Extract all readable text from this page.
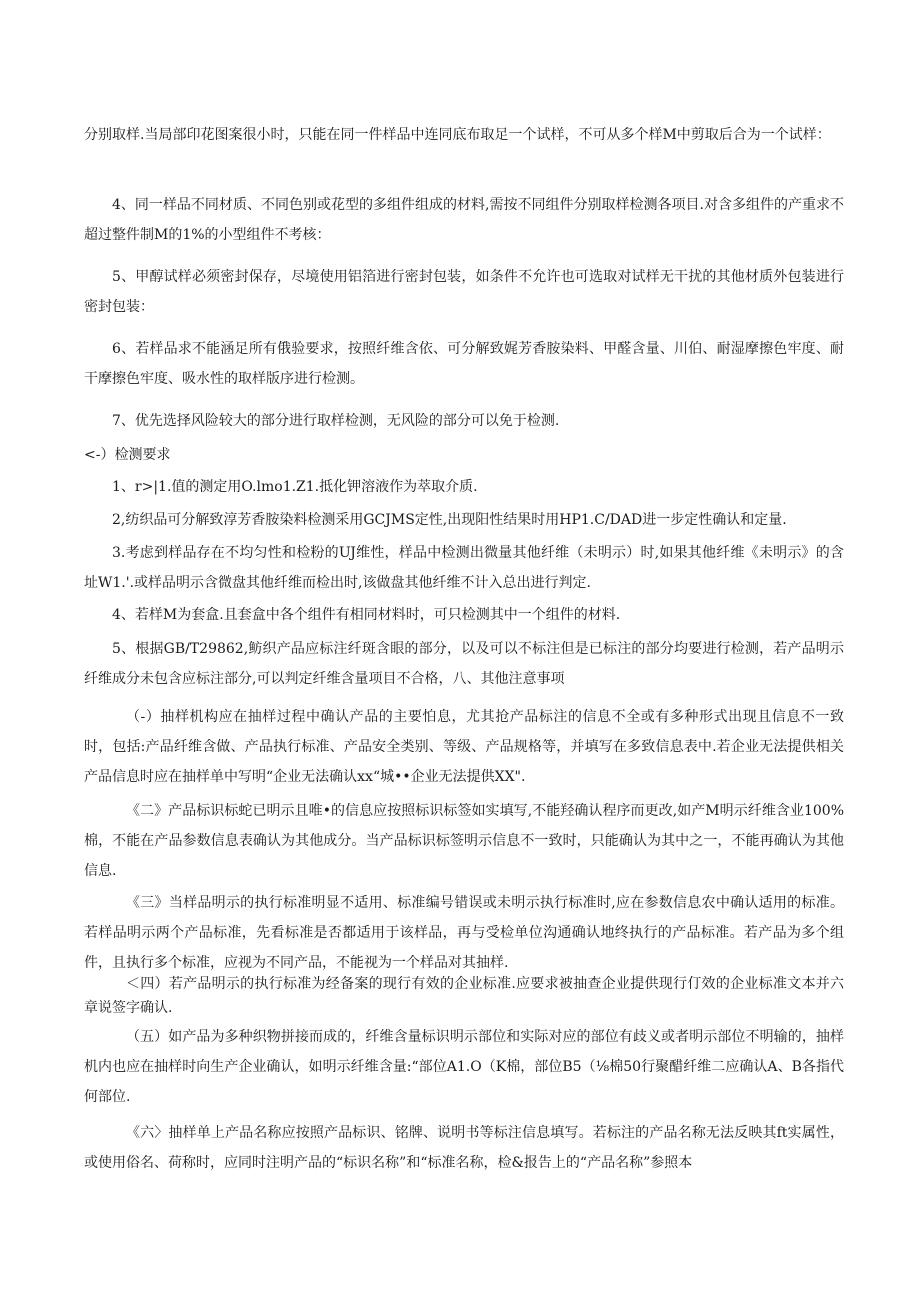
分别取样.当局部印花图案很小时，只能在同一件样品中连同底布取足一个试样，不可从多个样M中剪取后合为一个试样：

4、同一样品不同材质、不同色别或花型的多组件组成的材料,需按不同组件分别取样检测各项目.对含多组件的产重求不超过整件制M的1%的小型组件不考核：

5、甲醇试样必须密封保存，尽境使用铝箔进行密封包装，如条件不允许也可选取对试样无干扰的其他材质外包装进行密封包装：

6、若样品求不能涵足所有俄验要求，按照纤维含依、可分解致娓芳香胺染料、甲醛含量、川伯、耐湿摩擦色牢度、耐干摩擦色牢度、吸水性的取样版序进行检测。

7、优先选择风险较大的部分进行取样检测，无风险的部分可以免于检测.

<-）检测要求

1、r>|1.值的测定用O.lmo1.Z1.抵化钾溶液作为萃取介质.

2,纺织品可分解致淳芳香胺染料检测采用GCJMS定性,出现阳性结果时用HP1.C/DAD进一步定性确认和定量.

3.考虑到样品存在不均匀性和检粉的UJ维性，样品中检测出微量其他纤维（未明示）时,如果其他纤维《未明示》的含址W1.'.或样品明示含微盘其他纤维而检出时,该做盘其他纤维不计入总出进行判定.

4、若样M为套盒.且套盒中各个组件有相同材料时，可只检测其中一个组件的材料.

5、根据GB/T29862,鲂织产品应标注纤斑含眼的部分，以及可以不标注但是已标注的部分均要进行检测，若产品明示纤维成分未包含应标注部分,可以判定纤维含量项目不合格，八、其他注意事项

（-）抽样机构应在抽样过程中确认产品的主要怕息，尤其抢产品标注的信息不全或有多种形式出现且信息不一致时，包括:产品纤维含做、产品执行标准、产品安全类别、等级、产品规格等，并填写在多致信息表中.若企业无法提供相关产品信息时应在抽样单中写明“企业无法确认xx“城••企业无法提供XX".

《二》产品标识标蛇已明示且唯•的信息应按照标识标签如实填写,不能羟确认程序而更改,如产M明示纤维含业100%棉，不能在产品参数信息表确认为其他成分。当产品标识标签明示信息不一致时，只能确认为其中之一，不能再确认为其他信息.

《三》当样品明示的执行标准明显不适用、标准编号错误或未明示执行标准时,应在参数信息农中确认适用的标准。若样品明示两个产品标准，先看标准是否都适用于该样品，再与受检单位沟通确认地终执行的产品标准。若产品为多个组件，且执行多个标准，应视为不同产品，不能视为一个样品对其抽样.

＜四）若产品明示的执行标准为经备案的现行有效的企业标准.应要求被抽查企业提供现行仃效的企业标准文本并六章说签字确认.

（五）如产品为多种织物拼接而成的，纤维含量标识明示部位和实际对应的部位有歧义或者明示部位不明输的，抽样机内也应在抽样时向生产企业确认，如明示纤维含量:“部位A1.O（K棉，部位B5（⅛棉50行聚醋纤维二应确认A、B各指代何部位.

《六〉抽样单上产品名称应按照产品标识、铭牌、说明书等标注信息填写。若标注的产品名称无法反映其ft实属性，或使用俗名、荷称时，应同时注明产品的“标识名称”和“标准名称，检&报告上的“产品名称”参照本
